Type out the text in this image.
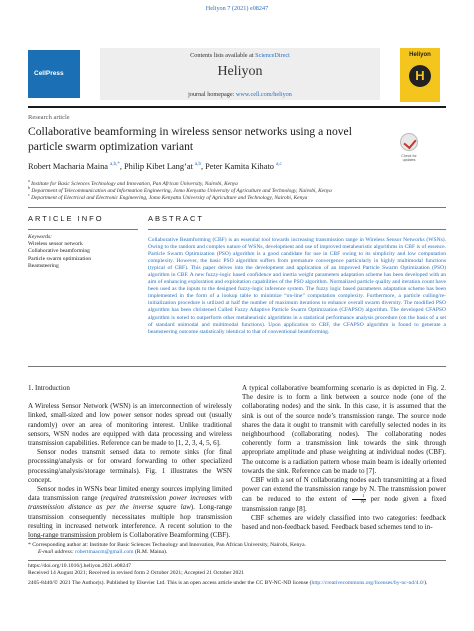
Heliyon 7 (2021) e08247
CellPress
Contents lists available at ScienceDirect
Heliyon
journal homepage: www.cell.com/heliyon
Heliyon
H
Research article
Collaborative beamforming in wireless sensor networks using a novel particle swarm optimization variant
Check for updates
Robert Macharia Maina $^{a,b,*}$, Philip Kibet Lang’at $^{a,b}$, Peter Kamita Kihato $^{a,c}$
$^a$ Institute for Basic Sciences Technology and Innovation, Pan African University, Nairobi, Kenya
$^b$ Department of Telecommunication and Information Engineering, Jomo Kenyatta University of Agriculture and Technology, Nairobi, Kenya
$^c$ Department of Electrical and Electronic Engineering, Jomo Kenyatta University of Agriculture and Technology, Nairobi, Kenya
ARTICLE INFO	ABSTRACT
Keywords:
Wireless sensor network
Collaborative beamforming
Particle swarm optimization
Beamsteering
Collaborative Beamforming (CBF) is an essential tool towards increasing transmission range in Wireless Sensor Networks (WSNs). Owing to the random and complex nature of WSNs, development and use of improved metaheuristic algorithms in CBF is of essence. Particle Swarm Optimization (PSO) algorithm is a good candidate for use in CBF owing to its simplicity and low computation complexity. However, the basic PSO algorithm suffers from premature convergence particularly in highly multimodal functions (typical of CBF). This paper delves into the development and application of an improved Particle Swarm Optimization (PSO) algorithm in CBF. A new fuzzy-logic based confidence and inertia weight parameters adaptation scheme has been developed with an aim of enhancing exploration and exploitation capabilities of the PSO algorithm. Normalized particle quality and iteration count have been used as the inputs to the designed fuzzy-logic inference system. The fuzzy logic based parameters adaptation scheme has been implemented in the form of a lookup table to minimize “on-line” computation complexity. Furthermore, a particle culling/re-initialization procedure is utilized at half the number of maximum iterations to enhance overall swarm diversity. The modified PSO algorithm has been christened Culled Fuzzy Adaptive Particle Swarm Optimization (CFAPSO) algorithm. The developed CFAPSO algorithm is noted to outperform other metaheuristic algorithms in a statistical performance analysis procedure (on the basis of a set of standard unimodal and multimodal functions). Upon application to CBF, the CFAPSO algorithm is found to generate a beamsteering outcome statistically identical to that of conventional beamforming.
1. Introduction

A Wireless Sensor Network (WSN) is an interconnection of wirelessly linked, small-sized and low power sensor nodes spread out (usually randomly) over an area of monitoring interest. Unlike traditional sensors, WSN nodes are equipped with data processing and wireless transmission capabilities. Reference can be made to [1, 2, 3, 4, 5, 6].

Sensor nodes transmit sensed data to remote sinks (for final processing/analysis or for onward forwarding to other specialized processing/analysis/storage terminals). Fig. 1 illustrates the WSN concept.

Sensor nodes in WSNs bear limited energy sources implying limited data transmission range (required transmission power increases with transmission distance as per the inverse square law). Long-range transmission consequently necessitates multiple hop transmission resulting in increased network interference. A recent solution to the long-range transmission problem is Collaborative Beamforming (CBF).

A typical collaborative beamforming scenario is as depicted in Fig. 2. The desire is to form a link between a source node (one of the collaborating nodes) and the sink. In this case, it is assumed that the sink is out of the source node’s transmission range. The source node shares the data it ought to transmit with carefully selected nodes in its neighbourhood (collaborating nodes). The collaborating nodes coherently form a transmission link towards the sink through appropriate amplitude and phase weighting at individual nodes (CBF). The outcome is a radiation pattern whose main beam is ideally oriented towards the sink. Reference can be made to [7].

CBF with a set of N collaborating nodes each transmitting at a fixed power can extend the transmission range by N. The transmission power can be reduced to the extent of $\frac{1}{\text{N²}}$ per node given a fixed transmission range [8].

CBF schemes are widely classified into two categories: feedback based and non-feedback based. Feedback based schemes tend to in-

* Corresponding author at: Institute for Basic Sciences Technology and Innovation, Pan African University, Nairobi, Kenya.
E-mail address: robertmaacm@gmail.com (R.M. Maina).
https://doi.org/10.1016/j.heliyon.2021.e08247
Received 14 August 2021; Received in revised form 2 October 2021; Accepted 21 October 2021
2405-8440/© 2021 The Author(s). Published by Elsevier Ltd. This is an open access article under the CC BY-NC-ND license (http://creativecommons.org/licenses/by-nc-nd/4.0/).
